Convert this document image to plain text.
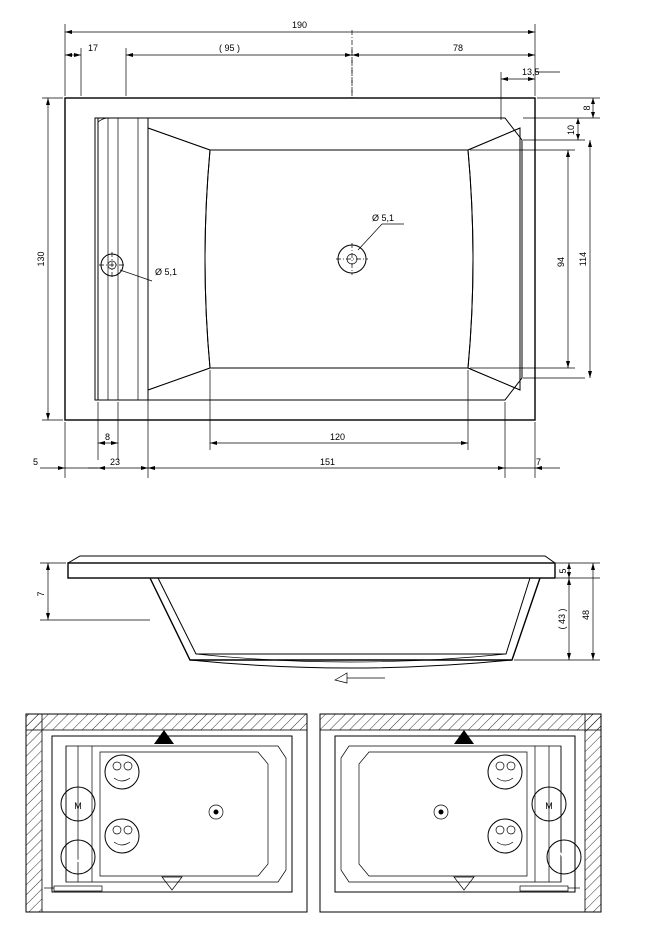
Ø 5,1
Ø 5,1
190
17	( 95 )	78
13,5
130
8
10
94 114
120
8
23
5	151	7
7
5
( 43 ) 48
M
M
M
M
